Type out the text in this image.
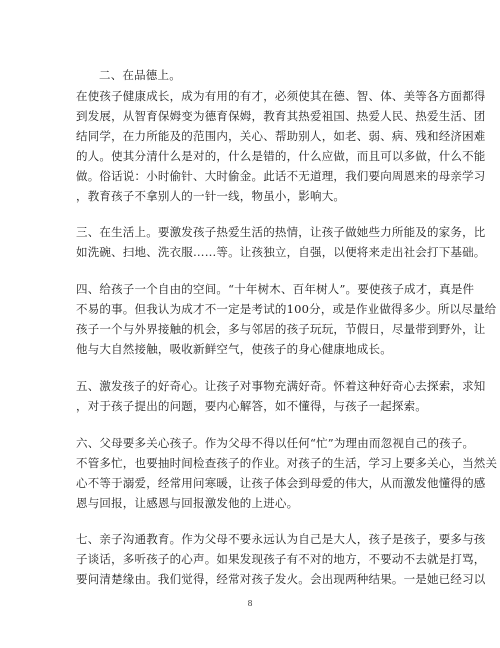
二、在品德上。
在使孩子健康成长，成为有用的有才，必须使其在德、智、体、美等各方面都得
到发展，从智育保姆变为德育保姆，教育其热爱祖国、热爱人民、热爱生活、团
结同学，在力所能及的范围内，关心、帮助别人，如老、弱、病、残和经济困难
的人。使其分清什么是对的，什么是错的，什么应做，而且可以多做，什么不能
做。俗话说：小时偷针、大时偷金。此话不无道理，我们要向周恩来的母亲学习
，教育孩子不拿别人的一针一线，物虽小，影响大。
三、在生活上。要激发孩子热爱生活的热情，让孩子做她些力所能及的家务，比
如洗碗、扫地、洗衣服……等。让孩独立，自强，以便将来走出社会打下基础。
四、给孩子一个自由的空间。“十年树木、百年树人”。要使孩子成才，真是件
不易的事。但我认为成才不一定是考试的100分，或是作业做得多少。所以尽量给
孩子一个与外界接触的机会，多与邻居的孩子玩玩，节假日，尽量带到野外，让
他与大自然接触，吸收新鲜空气，使孩子的身心健康地成长。
五、激发孩子的好奇心。让孩子对事物充满好奇。怀着这种好奇心去探索，求知
，对于孩子提出的问题，要内心解答，如不懂得，与孩子一起探索。
六、父母要多关心孩子。作为父母不得以任何“忙”为理由而忽视自己的孩子。
不管多忙，也要抽时间检查孩子的作业。对孩子的生活，学习上要多关心，当然关
心不等于溺爱，经常用问寒暖，让孩子体会到母爱的伟大，从而激发他懂得的感
恩与回报，让感恩与回报激发他的上进心。
七、亲子沟通教育。作为父母不要永远认为自己是大人，孩子是孩子，要多与孩
子谈话，多听孩子的心声。如果发现孩子有不对的地方，不要动不去就是打骂，
要问清楚缘由。我们觉得，经常对孩子发火。会出现两种结果。一是她已经习以
8
